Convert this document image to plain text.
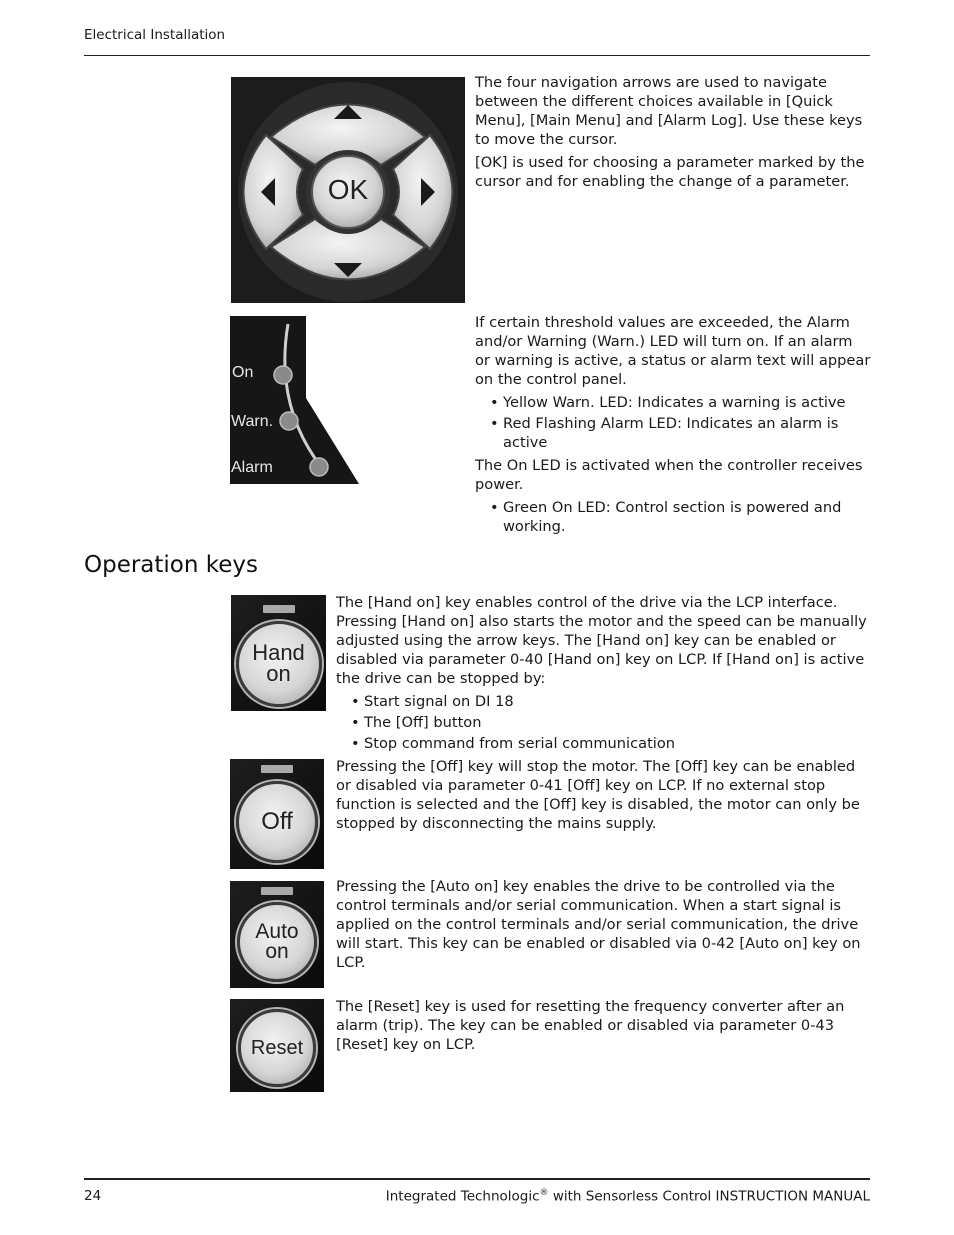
Electrical Installation
OK

The four navigation arrows are used to navigate between the different choices available in [Quick Menu], [Main Menu] and [Alarm Log]. Use these keys to move the cursor.

[OK] is used for choosing a parameter marked by the cursor and for enabling the change of a parameter.

On
Warn.
Alarm

If certain threshold values are exceeded, the Alarm and/or Warning (Warn.) LED will turn on. If an alarm or warning is active, a status or alarm text will appear on the control panel.

• Yellow Warn. LED: Indicates a warning is active
• Red Flashing Alarm LED: Indicates an alarm is active

The On LED is activated when the controller receives power.

• Green On LED: Control section is powered and working.
Operation keys
Hand
on

The [Hand on] key enables control of the drive via the LCP interface. Pressing [Hand on] also starts the motor and the speed can be manually adjusted using the arrow keys. The [Hand on] key can be enabled or disabled via parameter 0-40 [Hand on] key on LCP. If [Hand on] is active the drive can be stopped by:

• Start signal on DI 18
• The [Off] button
• Stop command from serial communication
Off

Pressing the [Off] key will stop the motor. The [Off] key can be enabled or disabled via parameter 0-41 [Off] key on LCP. If no external stop function is selected and the [Off] key is disabled, the motor can only be stopped by disconnecting the mains supply.

Auto
on

Pressing the [Auto on] key enables the drive to be controlled via the control terminals and/or serial communication. When a start signal is applied on the control terminals and/or serial communication, the drive will start. This key can be enabled or disabled via 0-42 [Auto on] key on LCP.

Reset

The [Reset] key is used for resetting the frequency converter after an alarm (trip). The key can be enabled or disabled via parameter 0-43 [Reset] key on LCP.

24	Integrated Technologic® with Sensorless Control INSTRUCTION MANUAL
